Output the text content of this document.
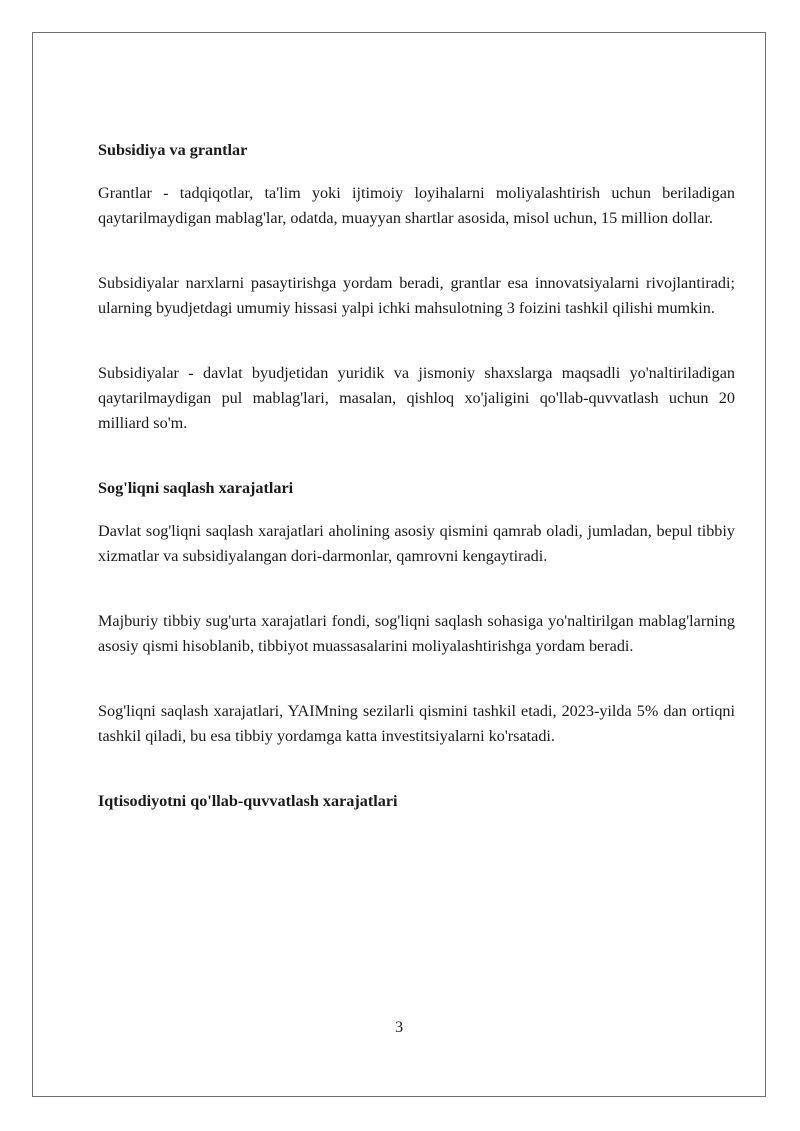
Subsidiya va grantlar

Grantlar - tadqiqotlar, ta'lim yoki ijtimoiy loyihalarni moliyalashtirish uchun beriladigan qaytarilmaydigan mablag'lar, odatda, muayyan shartlar asosida, misol uchun, 15 million dollar.

Subsidiyalar narxlarni pasaytirishga yordam beradi, grantlar esa innovatsiyalarni rivojlantiradi; ularning byudjetdagi umumiy hissasi yalpi ichki mahsulotning 3 foizini tashkil qilishi mumkin.

Subsidiyalar - davlat byudjetidan yuridik va jismoniy shaxslarga maqsadli yo'naltiriladigan qaytarilmaydigan pul mablag'lari, masalan, qishloq xo'jaligini qo'llab-quvvatlash uchun 20 milliard so'm.

Sog'liqni saqlash xarajatlari

Davlat sog'liqni saqlash xarajatlari aholining asosiy qismini qamrab oladi, jumladan, bepul tibbiy xizmatlar va subsidiyalangan dori-darmonlar, qamrovni kengaytiradi.

Majburiy tibbiy sug'urta xarajatlari fondi, sog'liqni saqlash sohasiga yo'naltirilgan mablag'larning asosiy qismi hisoblanib, tibbiyot muassasalarini moliyalashtirishga yordam beradi.

Sog'liqni saqlash xarajatlari, YAIMning sezilarli qismini tashkil etadi, 2023-yilda 5% dan ortiqni tashkil qiladi, bu esa tibbiy yordamga katta investitsiyalarni ko'rsatadi.

Iqtisodiyotni qo'llab-quvvatlash xarajatlari

3
